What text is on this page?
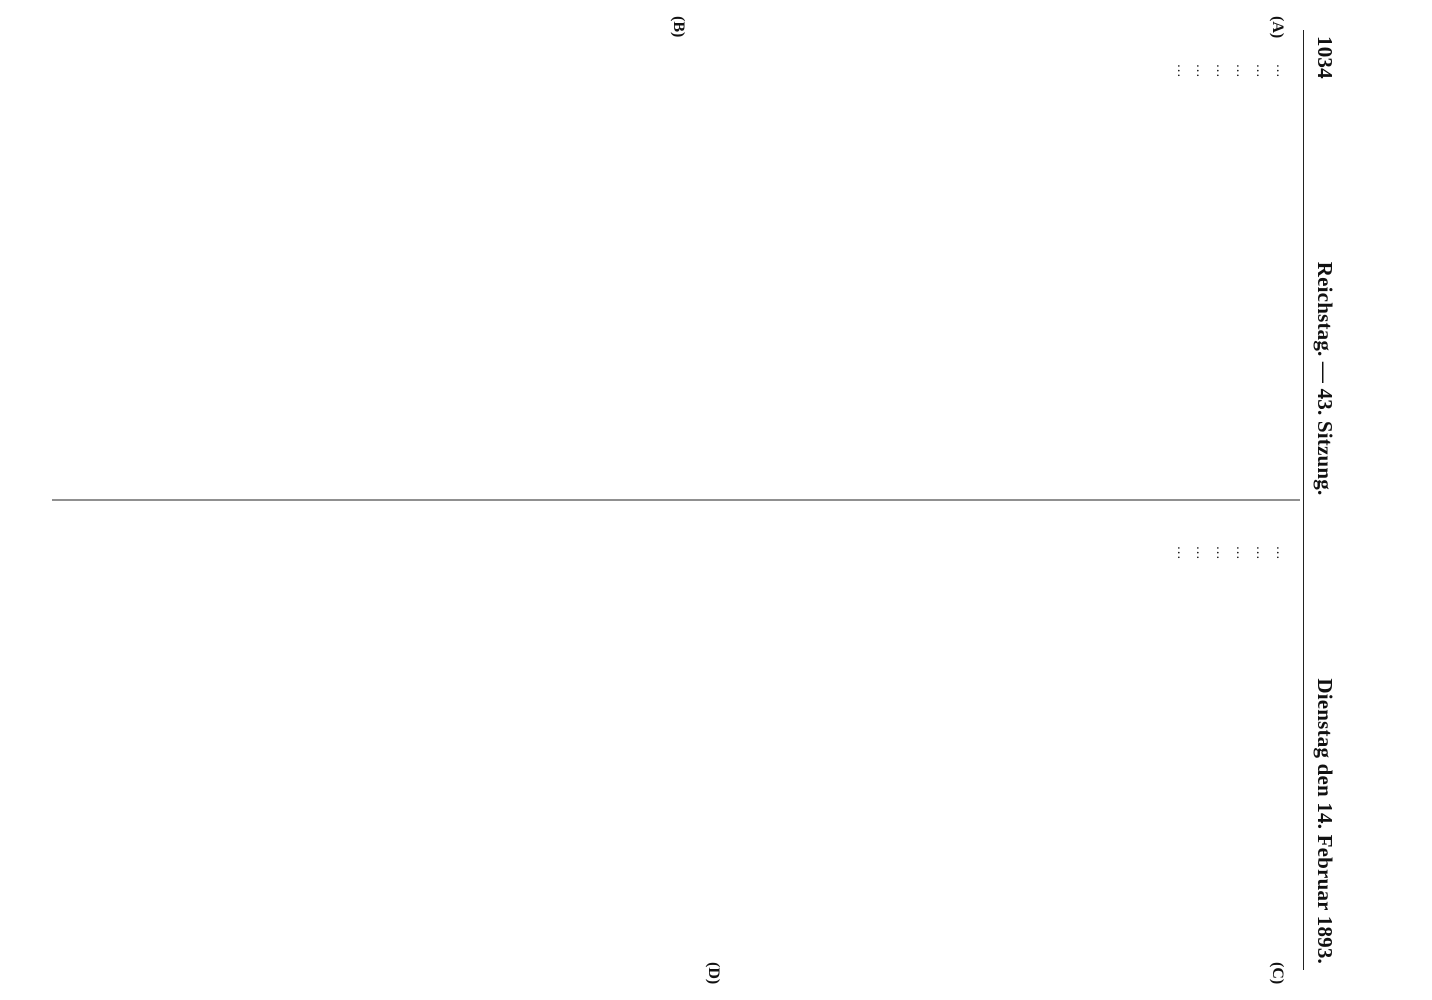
1034
Reichstag. — 43. Sitzung.
Dienstag den 14. Februar 1893.
(A)
(B)
(C)
(D)

…

…

…

…

…

…

…

…

…

…

…

…
